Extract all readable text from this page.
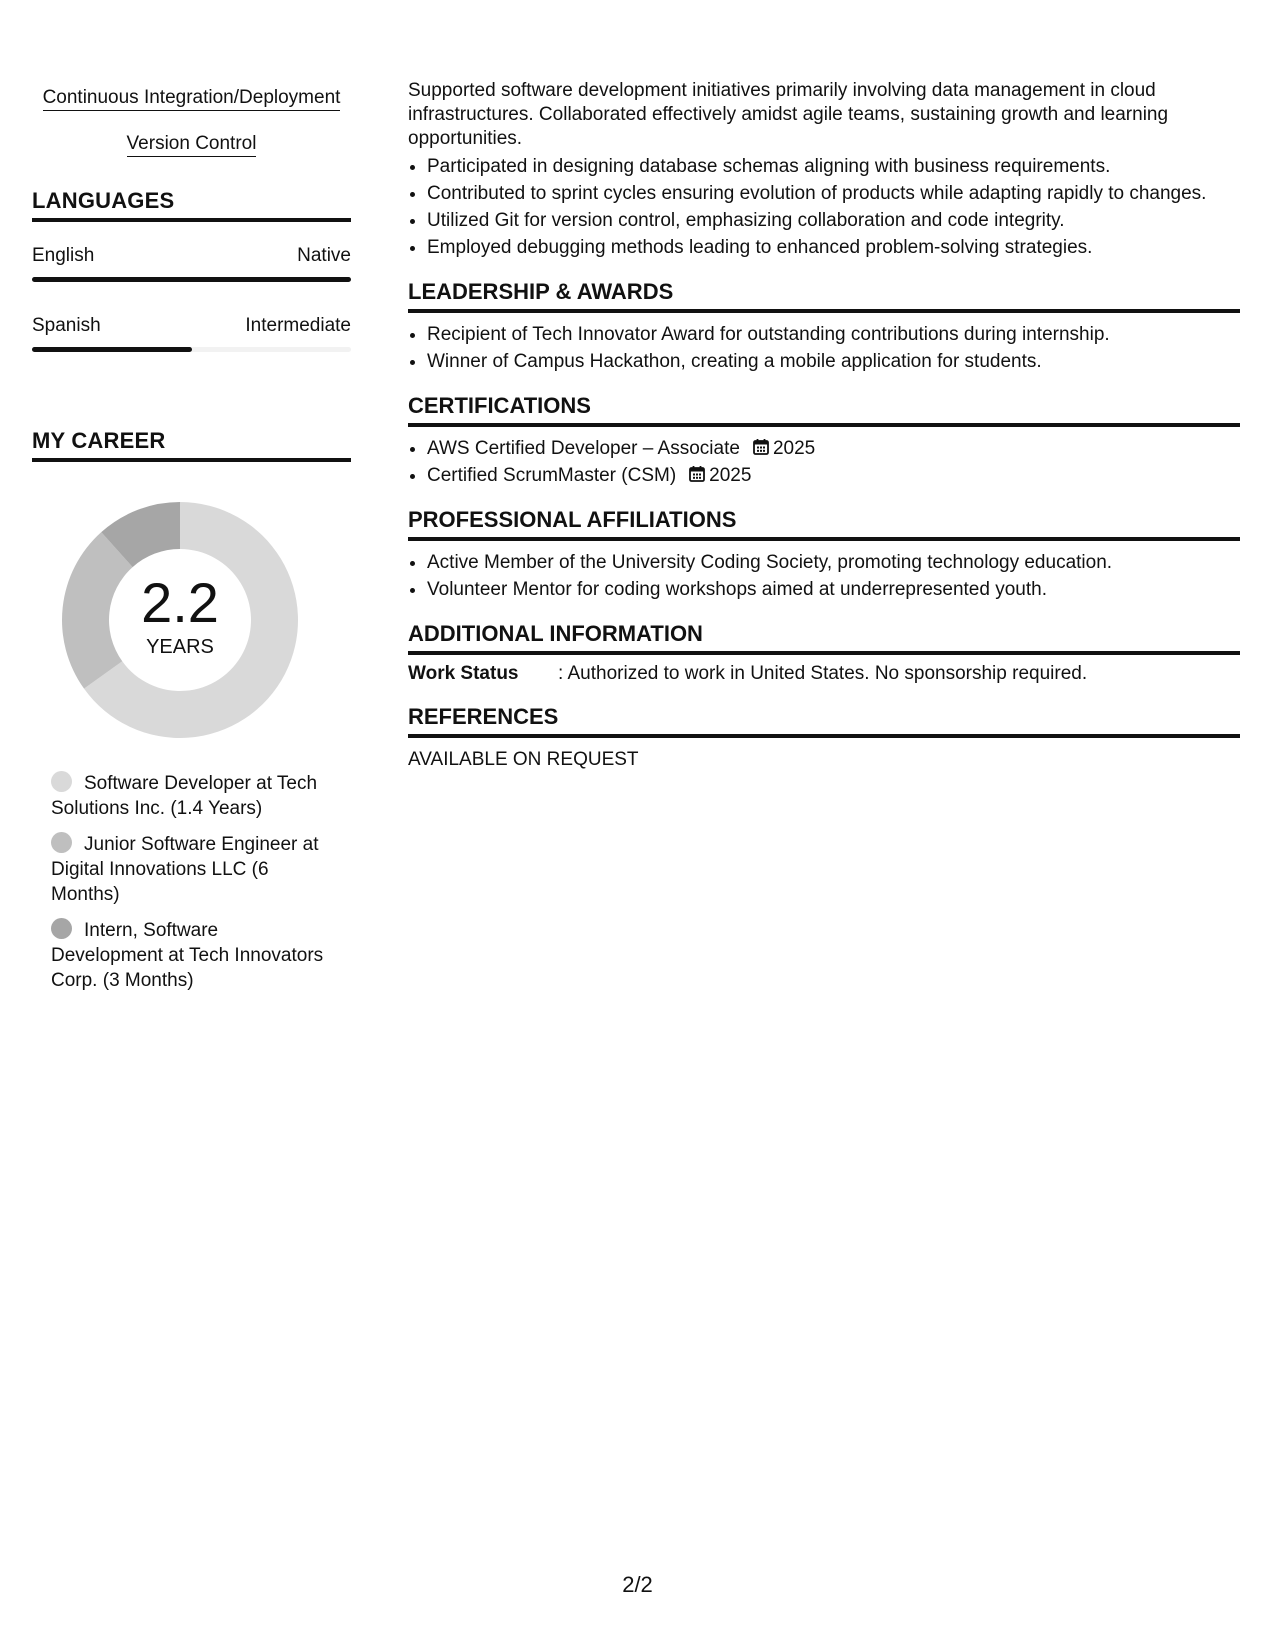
Continuous Integration/Deployment
Version Control
LANGUAGES
English	Native
Spanish	Intermediate
MY CAREER
2.2
YEARS
Software Developer at Tech Solutions Inc. (1.4 Years)
Junior Software Engineer at Digital Innovations LLC (6 Months)
Intern, Software Development at Tech Innovators Corp. (3 Months)

Supported software development initiatives primarily involving data management in cloud infrastructures. Collaborated effectively amidst agile teams, sustaining growth and learning opportunities.

• Participated in designing database schemas aligning with business requirements.
• Contributed to sprint cycles ensuring evolution of products while adapting rapidly to changes.
• Utilized Git for version control, emphasizing collaboration and code integrity.
• Employed debugging methods leading to enhanced problem-solving strategies.
LEADERSHIP & AWARDS
• Recipient of Tech Innovator Award for outstanding contributions during internship.
• Winner of Campus Hackathon, creating a mobile application for students.
CERTIFICATIONS
• AWS Certified Developer – Associate 2025
• Certified ScrumMaster (CSM) 2025
PROFESSIONAL AFFILIATIONS
• Active Member of the University Coding Society, promoting technology education.
• Volunteer Mentor for coding workshops aimed at underrepresented youth.
ADDITIONAL INFORMATION
Work Status : Authorized to work in United States. No sponsorship required.
REFERENCES
AVAILABLE ON REQUEST
2/2
